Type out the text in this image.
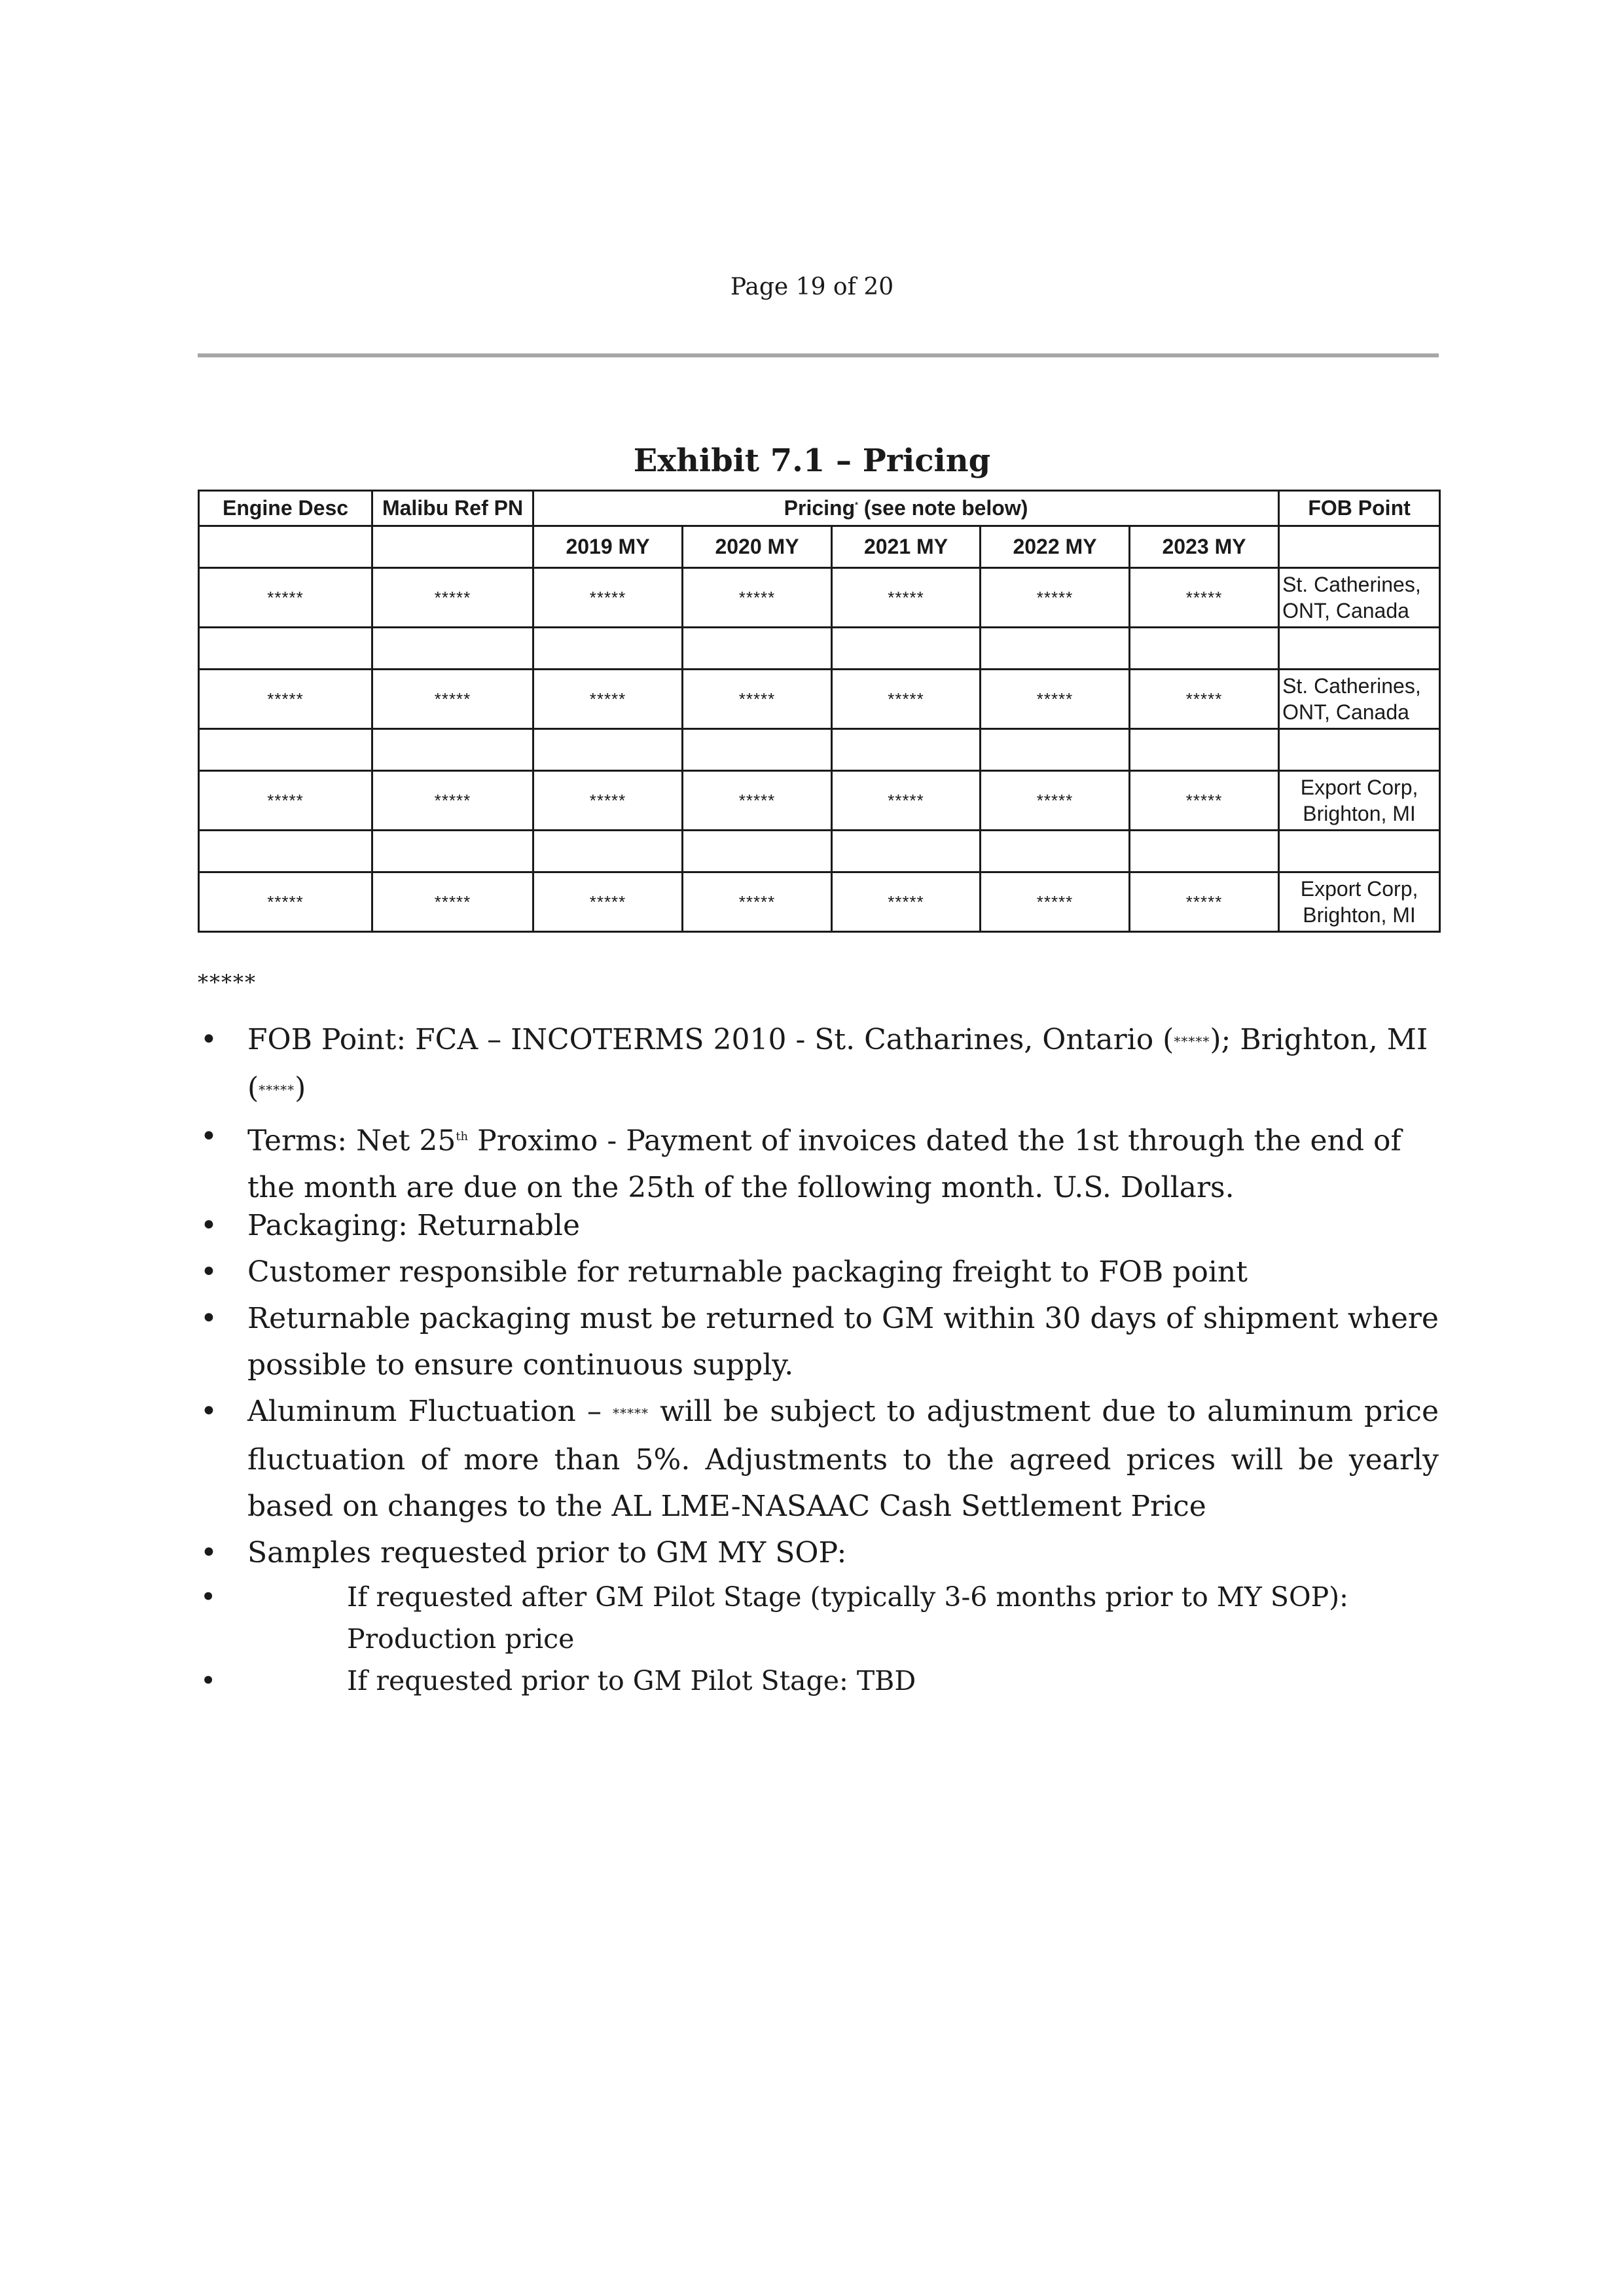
Page 19 of 20
Exhibit 7.1 – Pricing
Engine Desc	Malibu Ref PN	Pricing* (see note below)					FOB Point
		2019 MY	2020 MY	2021 MY	2022 MY	2023 MY	
*****	*****	*****	*****	*****	*****	*****	St. Catherines, ONT, Canada

*****	*****	*****	*****	*****	*****	*****	St. Catherines, ONT, Canada

*****	*****	*****	*****	*****	*****	*****	Export Corp, Brighton, MI

*****	*****	*****	*****	*****	*****	*****	Export Corp, Brighton, MI
*****
• FOB Point: FCA – INCOTERMS 2010 - St. Catharines, Ontario (*****); Brighton, MI (*****)
• Terms: Net 25th Proximo - Payment of invoices dated the 1st through the end of the month are due on the 25th of the following month. U.S. Dollars.
• Packaging: Returnable
• Customer responsible for returnable packaging freight to FOB point
• Returnable packaging must be returned to GM within 30 days of shipment where possible to ensure continuous supply.
• Aluminum Fluctuation – ***** will be subject to adjustment due to aluminum price fluctuation of more than 5%. Adjustments to the agreed prices will be yearly based on changes to the AL LME-NASAAC Cash Settlement Price
• Samples requested prior to GM MY SOP:
•	If requested after GM Pilot Stage (typically 3-6 months prior to MY SOP): Production price
•	If requested prior to GM Pilot Stage: TBD
